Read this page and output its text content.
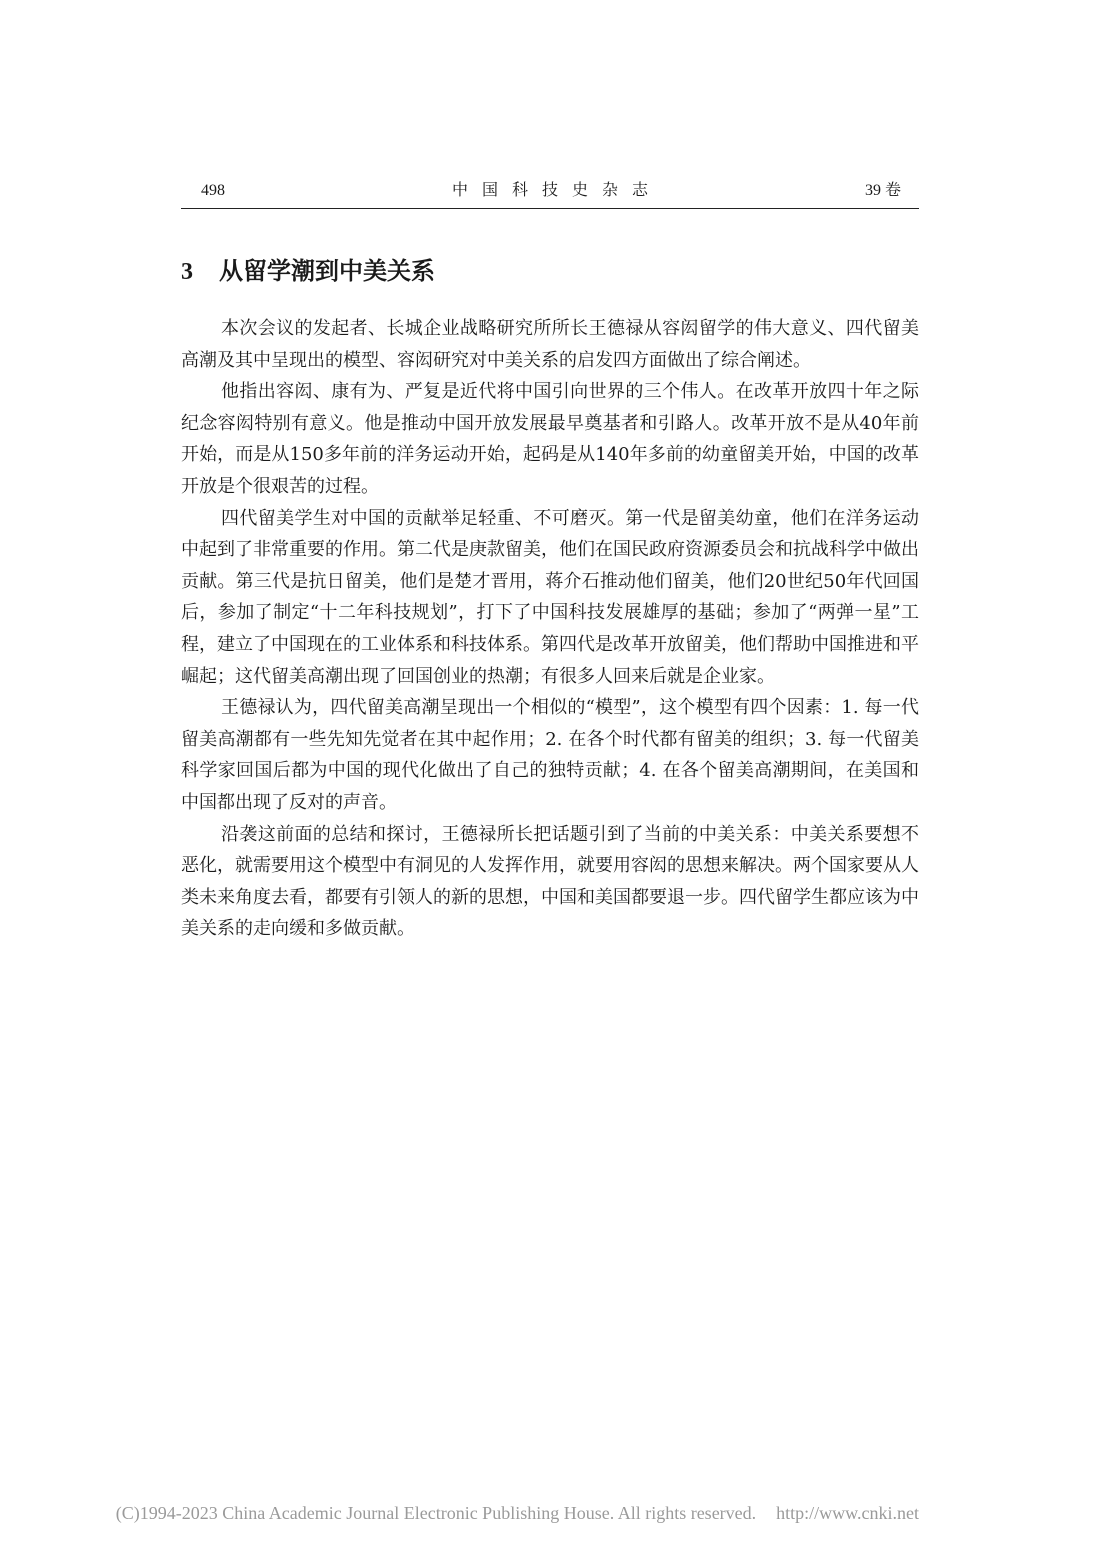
498	中国科技史杂志	39 卷
3 从留学潮到中美关系

本次会议的发起者、长城企业战略研究所所长王德禄从容闳留学的伟大意义、四代留美高潮及其中呈现出的模型、容闳研究对中美关系的启发四方面做出了综合阐述。

他指出容闳、康有为、严复是近代将中国引向世界的三个伟人。在改革开放四十年之际纪念容闳特别有意义。他是推动中国开放发展最早奠基者和引路人。改革开放不是从40年前开始，而是从150多年前的洋务运动开始，起码是从140年多前的幼童留美开始，中国的改革开放是个很艰苦的过程。

四代留美学生对中国的贡献举足轻重、不可磨灭。第一代是留美幼童，他们在洋务运动中起到了非常重要的作用。第二代是庚款留美，他们在国民政府资源委员会和抗战科学中做出贡献。第三代是抗日留美，他们是楚才晋用，蒋介石推动他们留美，他们20世纪50年代回国后，参加了制定“十二年科技规划”，打下了中国科技发展雄厚的基础；参加了“两弹一星”工程，建立了中国现在的工业体系和科技体系。第四代是改革开放留美，他们帮助中国推进和平崛起；这代留美高潮出现了回国创业的热潮；有很多人回来后就是企业家。

王德禄认为，四代留美高潮呈现出一个相似的“模型”，这个模型有四个因素：1. 每一代留美高潮都有一些先知先觉者在其中起作用；2. 在各个时代都有留美的组织；3. 每一代留美科学家回国后都为中国的现代化做出了自己的独特贡献；4. 在各个留美高潮期间，在美国和中国都出现了反对的声音。

沿袭这前面的总结和探讨，王德禄所长把话题引到了当前的中美关系：中美关系要想不恶化，就需要用这个模型中有洞见的人发挥作用，就要用容闳的思想来解决。两个国家要从人类未来角度去看，都要有引领人的新的思想，中国和美国都要退一步。四代留学生都应该为中美关系的走向缓和多做贡献。

(C)1994-2023 China Academic Journal Electronic Publishing House. All rights reserved. http://www.cnki.net
